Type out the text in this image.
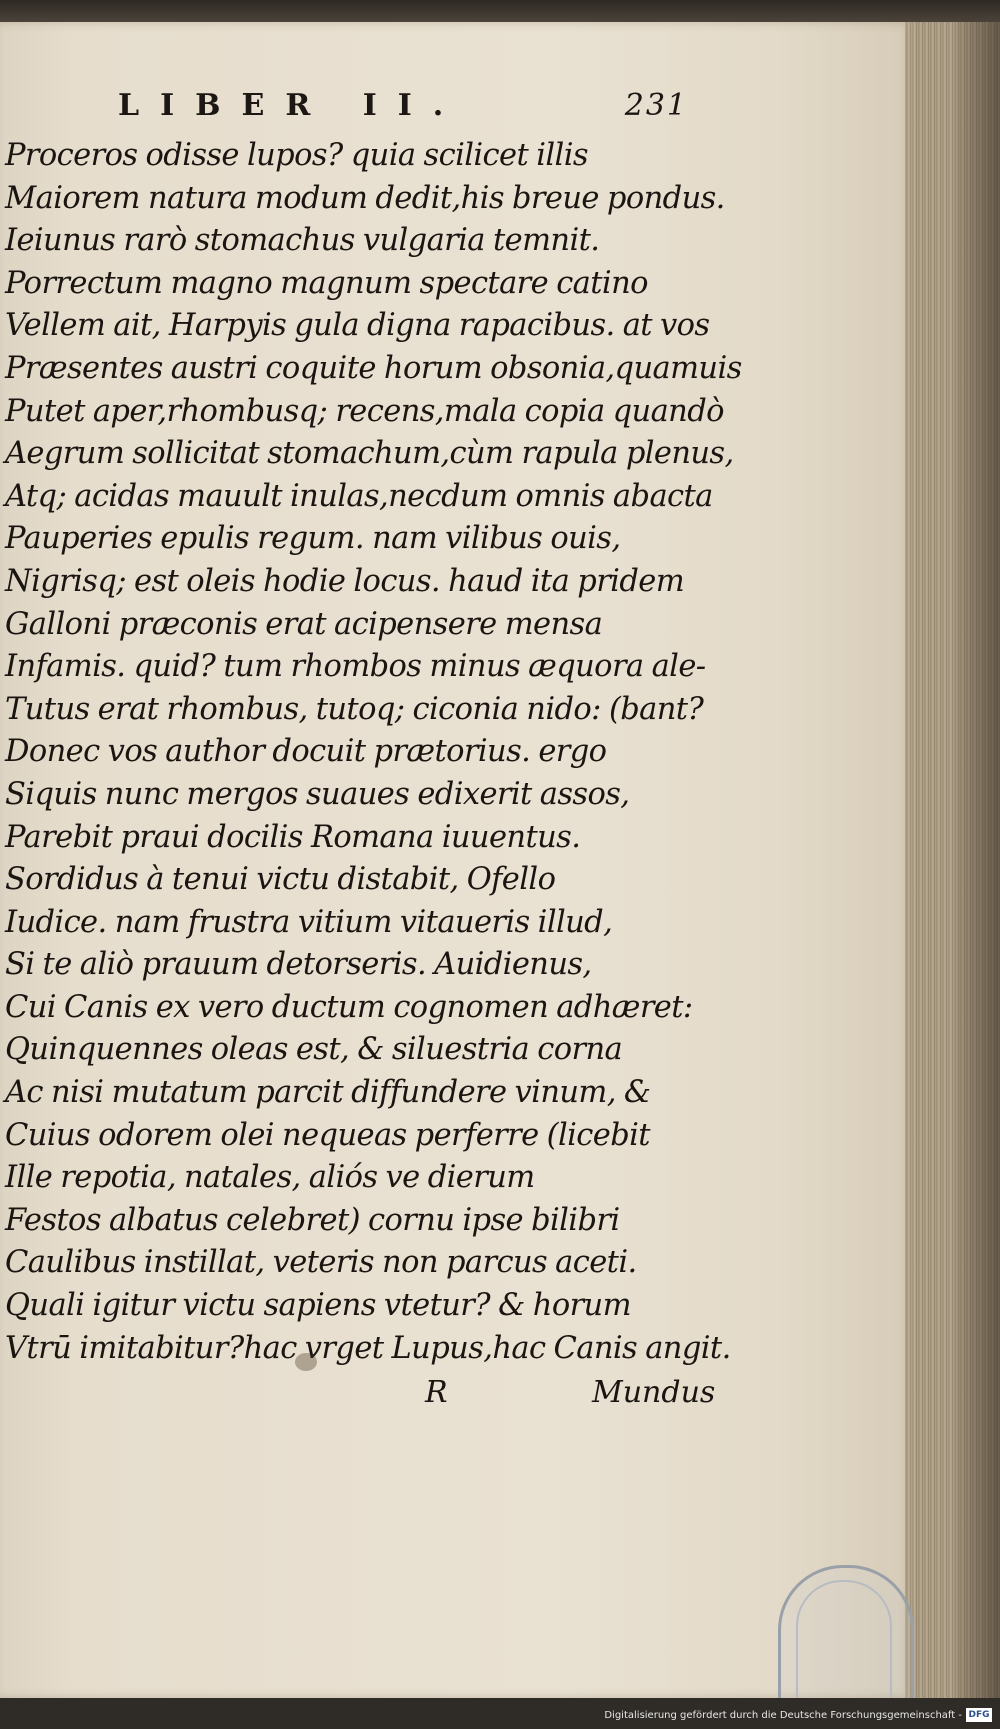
LIBER II.	231
Proceros odisse lupos? quia scilicet illis
Maiorem natura modum dedit,his breue pondus.
Ieiunus rarò stomachus vulgaria temnit.
Porrectum magno magnum spectare catino
Vellem ait, Harpyis gula digna rapacibus. at vos
Præsentes austri coquite horum obsonia,quamuis
Putet aper,rhombusq; recens,mala copia quandò
Aegrum sollicitat stomachum,cùm rapula plenus,
Atq; acidas mauult inulas,necdum omnis abacta
Pauperies epulis regum. nam vilibus ouis,
Nigrisq; est oleis hodie locus. haud ita pridem
Galloni præconis erat acipensere mensa
Infamis. quid? tum rhombos minus æquora ale-
Tutus erat rhombus, tutoq; ciconia nido: (bant?
Donec vos author docuit prætorius. ergo
Siquis nunc mergos suaues edixerit assos,
Parebit praui docilis Romana iuuentus.
Sordidus à tenui victu distabit, Ofello
Iudice. nam frustra vitium vitaueris illud,
Si te aliò prauum detorseris. Auidienus,
Cui Canis ex vero ductum cognomen adhæret:
Quinquennes oleas est, & siluestria corna
Ac nisi mutatum parcit diffundere vinum, &
Cuius odorem olei nequeas perferre (licebit
Ille repotia, natales, aliós ve dierum
Festos albatus celebret) cornu ipse bilibri
Caulibus instillat, veteris non parcus aceti.
Quali igitur victu sapiens vtetur? & horum
Vtrū imitabitur?hac vrget Lupus,hac Canis angit.
R	Mundus
Digitalisierung gefördert durch die Deutsche Forschungsgemeinschaft - DFG
